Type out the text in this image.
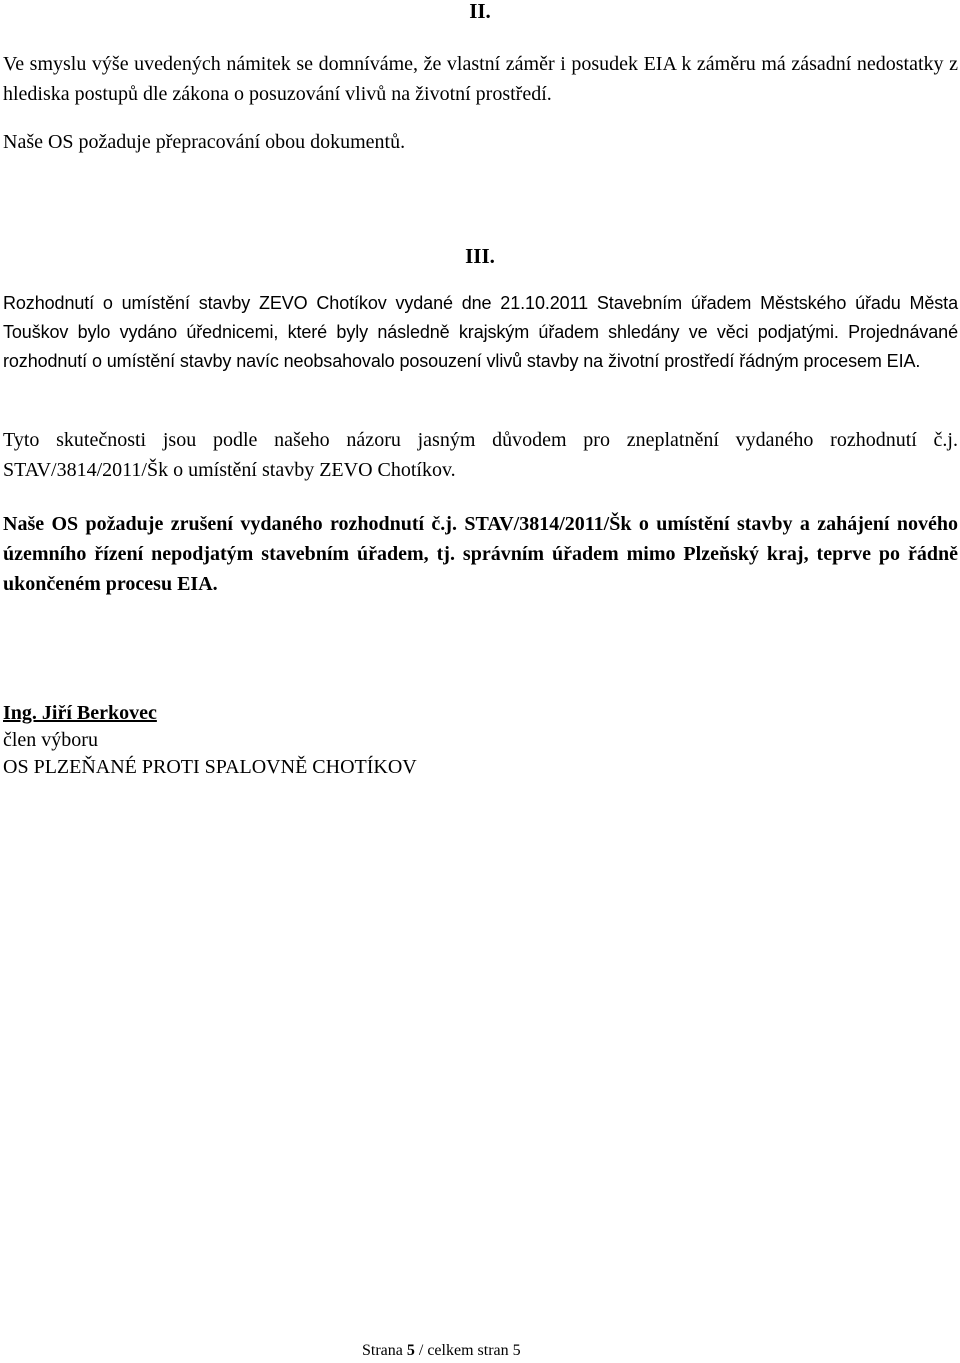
II.

Ve smyslu výše uvedených námitek se domníváme, že vlastní záměr i posudek EIA k záměru má zásadní nedostatky z hlediska postupů dle zákona o posuzování vlivů na životní prostředí.

Naše OS požaduje přepracování obou dokumentů.

III.

Rozhodnutí o umístění stavby ZEVO Chotíkov vydané dne 21.10.2011 Stavebním úřadem Městského úřadu Města Touškov bylo vydáno úřednicemi, které byly následně krajským úřadem shledány ve věci podjatými. Projednávané rozhodnutí o umístění stavby navíc neobsahovalo posouzení vlivů stavby na životní prostředí řádným procesem EIA.

Tyto skutečnosti jsou podle našeho názoru jasným důvodem pro zneplatnění vydaného rozhodnutí č.j. STAV/3814/2011/Šk o umístění stavby ZEVO Chotíkov.

Naše OS požaduje zrušení vydaného rozhodnutí č.j. STAV/3814/2011/Šk o umístění stavby a zahájení nového územního řízení nepodjatým stavebním úřadem, tj. správním úřadem mimo Plzeňský kraj, teprve po řádně ukončeném procesu EIA.

Ing. Jiří Berkovec

člen výboru

OS PLZEŇANÉ PROTI SPALOVNĚ CHOTÍKOV

Strana 5 / celkem stran 5
